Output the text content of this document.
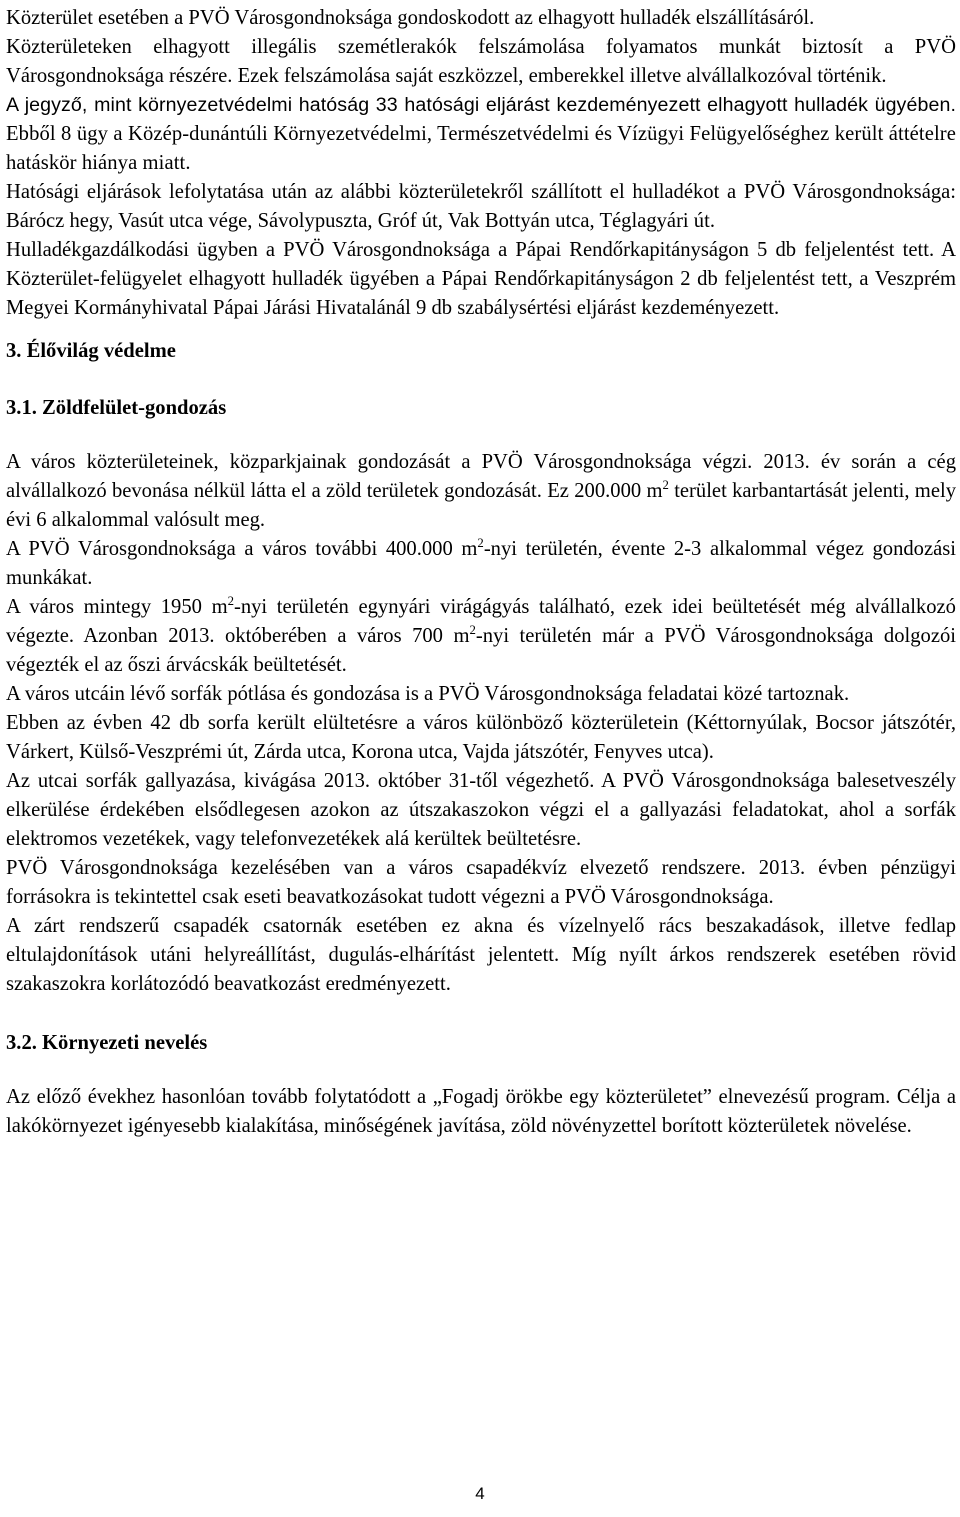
Közterület esetében a PVÖ Városgondnoksága gondoskodott az elhagyott hulladék elszállításáról.

Közterületeken elhagyott illegális szemétlerakók felszámolása folyamatos munkát biztosít a PVÖ Városgondnoksága részére. Ezek felszámolása saját eszközzel, emberekkel illetve alvállalkozóval történik.

A jegyző, mint környezetvédelmi hatóság 33 hatósági eljárást kezdeményezett elhagyott hulladék ügyében. Ebből 8 ügy a Közép-dunántúli Környezetvédelmi, Természetvédelmi és Vízügyi Felügyelőséghez került áttételre hatáskör hiánya miatt.

Hatósági eljárások lefolytatása után az alábbi közterületekről szállított el hulladékot a PVÖ Városgondnoksága: Bárócz hegy, Vasút utca vége, Sávolypuszta, Gróf út, Vak Bottyán utca, Téglagyári út.

Hulladékgazdálkodási ügyben a PVÖ Városgondnoksága a Pápai Rendőrkapitányságon 5 db feljelentést tett. A Közterület-felügyelet elhagyott hulladék ügyében a Pápai Rendőrkapitányságon 2 db feljelentést tett, a Veszprém Megyei Kormányhivatal Pápai Járási Hivatalánál 9 db szabálysértési eljárást kezdeményezett.

3. Élővilág védelme

3.1. Zöldfelület-gondozás

A város közterületeinek, közparkjainak gondozását a PVÖ Városgondnoksága végzi. 2013. év során a cég alvállalkozó bevonása nélkül látta el a zöld területek gondozását. Ez 200.000 $m^2$ terület karbantartását jelenti, mely évi 6 alkalommal valósult meg.

A PVÖ Városgondnoksága a város további 400.000 $m^2$-nyi területén, évente 2-3 alkalommal végez gondozási munkákat.

A város mintegy 1950 $m^2$-nyi területén egynyári virágágyás található, ezek idei beültetését még alvállalkozó végezte. Azonban 2013. októberében a város 700 $m^2$-nyi területén már a PVÖ Városgondnoksága dolgozói végezték el az őszi árvácskák beültetését.

A város utcáin lévő sorfák pótlása és gondozása is a PVÖ Városgondnoksága feladatai közé tartoznak.

Ebben az évben 42 db sorfa került elültetésre a város különböző közterületein (Kéttornyúlak, Bocsor játszótér, Várkert, Külső-Veszprémi út, Zárda utca, Korona utca, Vajda játszótér, Fenyves utca).

Az utcai sorfák gallyazása, kivágása 2013. október 31-től végezhető. A PVÖ Városgondnoksága balesetveszély elkerülése érdekében elsődlegesen azokon az útszakaszokon végzi el a gallyazási feladatokat, ahol a sorfák elektromos vezetékek, vagy telefonvezetékek alá kerültek beültetésre.

PVÖ Városgondnoksága kezelésében van a város csapadékvíz elvezető rendszere. 2013. évben pénzügyi forrásokra is tekintettel csak eseti beavatkozásokat tudott végezni a PVÖ Városgondnoksága.

A zárt rendszerű csapadék csatornák esetében ez akna és vízelnyelő rács beszakadások, illetve fedlap eltulajdonítások utáni helyreállítást, dugulás-elhárítást jelentett. Míg nyílt árkos rendszerek esetében rövid szakaszokra korlátozódó beavatkozást eredményezett.

3.2. Környezeti nevelés

Az előző évekhez hasonlóan tovább folytatódott a „Fogadj örökbe egy közterületet” elnevezésű program. Célja a lakókörnyezet igényesebb kialakítása, minőségének javítása, zöld növényzettel borított közterületek növelése.

4
